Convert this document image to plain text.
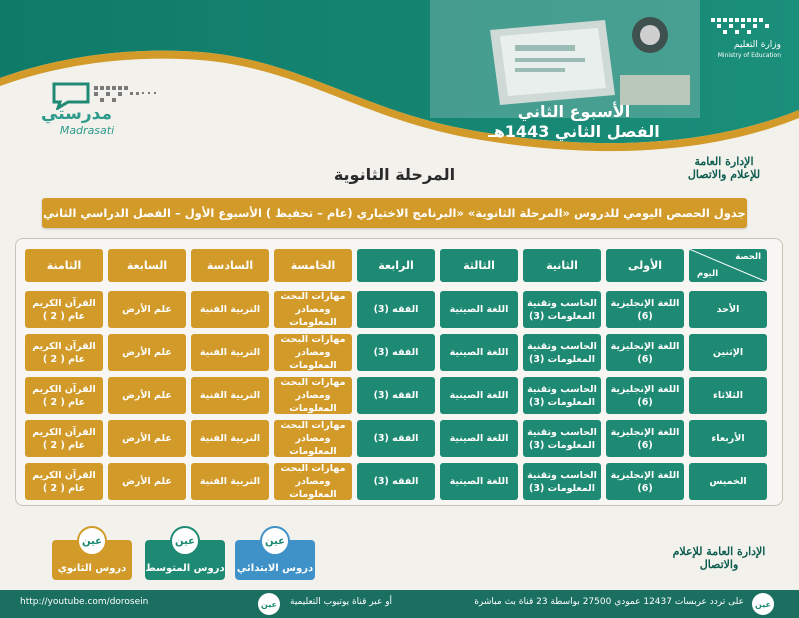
الأسبوع الثاني
الفصل الثاني 1443هـ
وزارة التعليم
Ministry of Education
مدرستي
Madrasati
الإدارة العامة للإعلام والاتصال
الإدارة العامة للإعلام والاتصال
المرحلة الثانوية
جدول الحصص اليومي للدروس «المرحلة الثانوية» «البرنامج الاختياري (عام – تحفيظ ) الأسبوع الأول – الفصل الدراسي الثاني
الحصة
اليوم
الأولى
الثانية
الثالثة
الرابعة
الخامسة
السادسة
السابعة
الثامنة
الأحد
اللغة الإنجليزية (6)
الحاسب وتقنية المعلومات (3)
اللغة الصينية
الفقه (3)
مهارات البحث ومصادر المعلومات
التربية الفنية
علم الأرض
القرآن الكريم عام ( 2 )
الإثنين
اللغة الإنجليزية (6)
الحاسب وتقنية المعلومات (3)
اللغة الصينية
الفقه (3)
مهارات البحث ومصادر المعلومات
التربية الفنية
علم الأرض
القرآن الكريم عام ( 2 )
الثلاثاء
اللغة الإنجليزية (6)
الحاسب وتقنية المعلومات (3)
اللغة الصينية
الفقه (3)
مهارات البحث ومصادر المعلومات
التربية الفنية
علم الأرض
القرآن الكريم عام ( 2 )
الأربعاء
اللغة الإنجليزية (6)
الحاسب وتقنية المعلومات (3)
اللغة الصينية
الفقه (3)
مهارات البحث ومصادر المعلومات
التربية الفنية
علم الأرض
القرآن الكريم عام ( 2 )
الخميس
اللغة الإنجليزية (6)
الحاسب وتقنية المعلومات (3)
اللغة الصينية
الفقه (3)
مهارات البحث ومصادر المعلومات
التربية الفنية
علم الأرض
القرآن الكريم عام ( 2 )
عين
دروس الابتدائي
عين
دروس المتوسط
عين
دروس الثانوي
عين
على تردد عربسات 12437 عمودي 27500 بواسطة 23 قناة بث مباشرة
عين	أو عبر قناة يوتيوب التعليمية
http://youtube.com/dorosein
